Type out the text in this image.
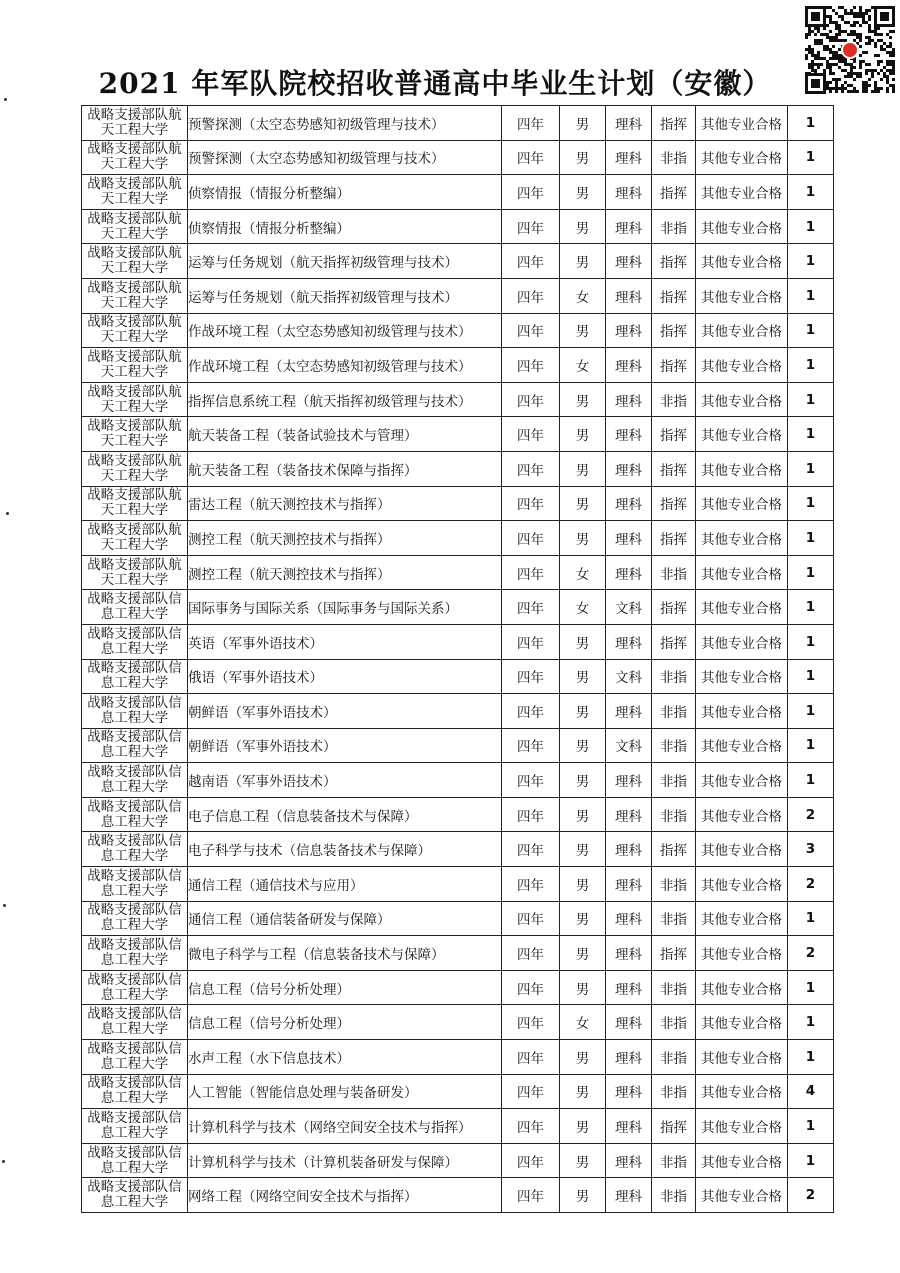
2021 年军队院校招收普通高中毕业生计划（安徽）
战略支援部队航天工程大学	预警探测（太空态势感知初级管理与技术）	四年	男	理科	指挥	其他专业合格	1
战略支援部队航天工程大学	预警探测（太空态势感知初级管理与技术）	四年	男	理科	非指	其他专业合格	1
战略支援部队航天工程大学	侦察情报（情报分析整编）	四年	男	理科	指挥	其他专业合格	1
战略支援部队航天工程大学	侦察情报（情报分析整编）	四年	男	理科	非指	其他专业合格	1
战略支援部队航天工程大学	运筹与任务规划（航天指挥初级管理与技术）	四年	男	理科	指挥	其他专业合格	1
战略支援部队航天工程大学	运筹与任务规划（航天指挥初级管理与技术）	四年	女	理科	指挥	其他专业合格	1
战略支援部队航天工程大学	作战环境工程（太空态势感知初级管理与技术）	四年	男	理科	指挥	其他专业合格	1
战略支援部队航天工程大学	作战环境工程（太空态势感知初级管理与技术）	四年	女	理科	指挥	其他专业合格	1
战略支援部队航天工程大学	指挥信息系统工程（航天指挥初级管理与技术）	四年	男	理科	非指	其他专业合格	1
战略支援部队航天工程大学	航天装备工程（装备试验技术与管理）	四年	男	理科	指挥	其他专业合格	1
战略支援部队航天工程大学	航天装备工程（装备技术保障与指挥）	四年	男	理科	指挥	其他专业合格	1
战略支援部队航天工程大学	雷达工程（航天测控技术与指挥）	四年	男	理科	指挥	其他专业合格	1
战略支援部队航天工程大学	测控工程（航天测控技术与指挥）	四年	男	理科	指挥	其他专业合格	1
战略支援部队航天工程大学	测控工程（航天测控技术与指挥）	四年	女	理科	非指	其他专业合格	1
战略支援部队信息工程大学	国际事务与国际关系（国际事务与国际关系）	四年	女	文科	指挥	其他专业合格	1
战略支援部队信息工程大学	英语（军事外语技术）	四年	男	理科	指挥	其他专业合格	1
战略支援部队信息工程大学	俄语（军事外语技术）	四年	男	文科	非指	其他专业合格	1
战略支援部队信息工程大学	朝鲜语（军事外语技术）	四年	男	理科	非指	其他专业合格	1
战略支援部队信息工程大学	朝鲜语（军事外语技术）	四年	男	文科	非指	其他专业合格	1
战略支援部队信息工程大学	越南语（军事外语技术）	四年	男	理科	非指	其他专业合格	1
战略支援部队信息工程大学	电子信息工程（信息装备技术与保障）	四年	男	理科	非指	其他专业合格	2
战略支援部队信息工程大学	电子科学与技术（信息装备技术与保障）	四年	男	理科	指挥	其他专业合格	3
战略支援部队信息工程大学	通信工程（通信技术与应用）	四年	男	理科	非指	其他专业合格	2
战略支援部队信息工程大学	通信工程（通信装备研发与保障）	四年	男	理科	非指	其他专业合格	1
战略支援部队信息工程大学	微电子科学与工程（信息装备技术与保障）	四年	男	理科	指挥	其他专业合格	2
战略支援部队信息工程大学	信息工程（信号分析处理）	四年	男	理科	非指	其他专业合格	1
战略支援部队信息工程大学	信息工程（信号分析处理）	四年	女	理科	非指	其他专业合格	1
战略支援部队信息工程大学	水声工程（水下信息技术）	四年	男	理科	非指	其他专业合格	1
战略支援部队信息工程大学	人工智能（智能信息处理与装备研发）	四年	男	理科	非指	其他专业合格	4
战略支援部队信息工程大学	计算机科学与技术（网络空间安全技术与指挥）	四年	男	理科	指挥	其他专业合格	1
战略支援部队信息工程大学	计算机科学与技术（计算机装备研发与保障）	四年	男	理科	非指	其他专业合格	1
战略支援部队信息工程大学	网络工程（网络空间安全技术与指挥）	四年	男	理科	非指	其他专业合格	2
